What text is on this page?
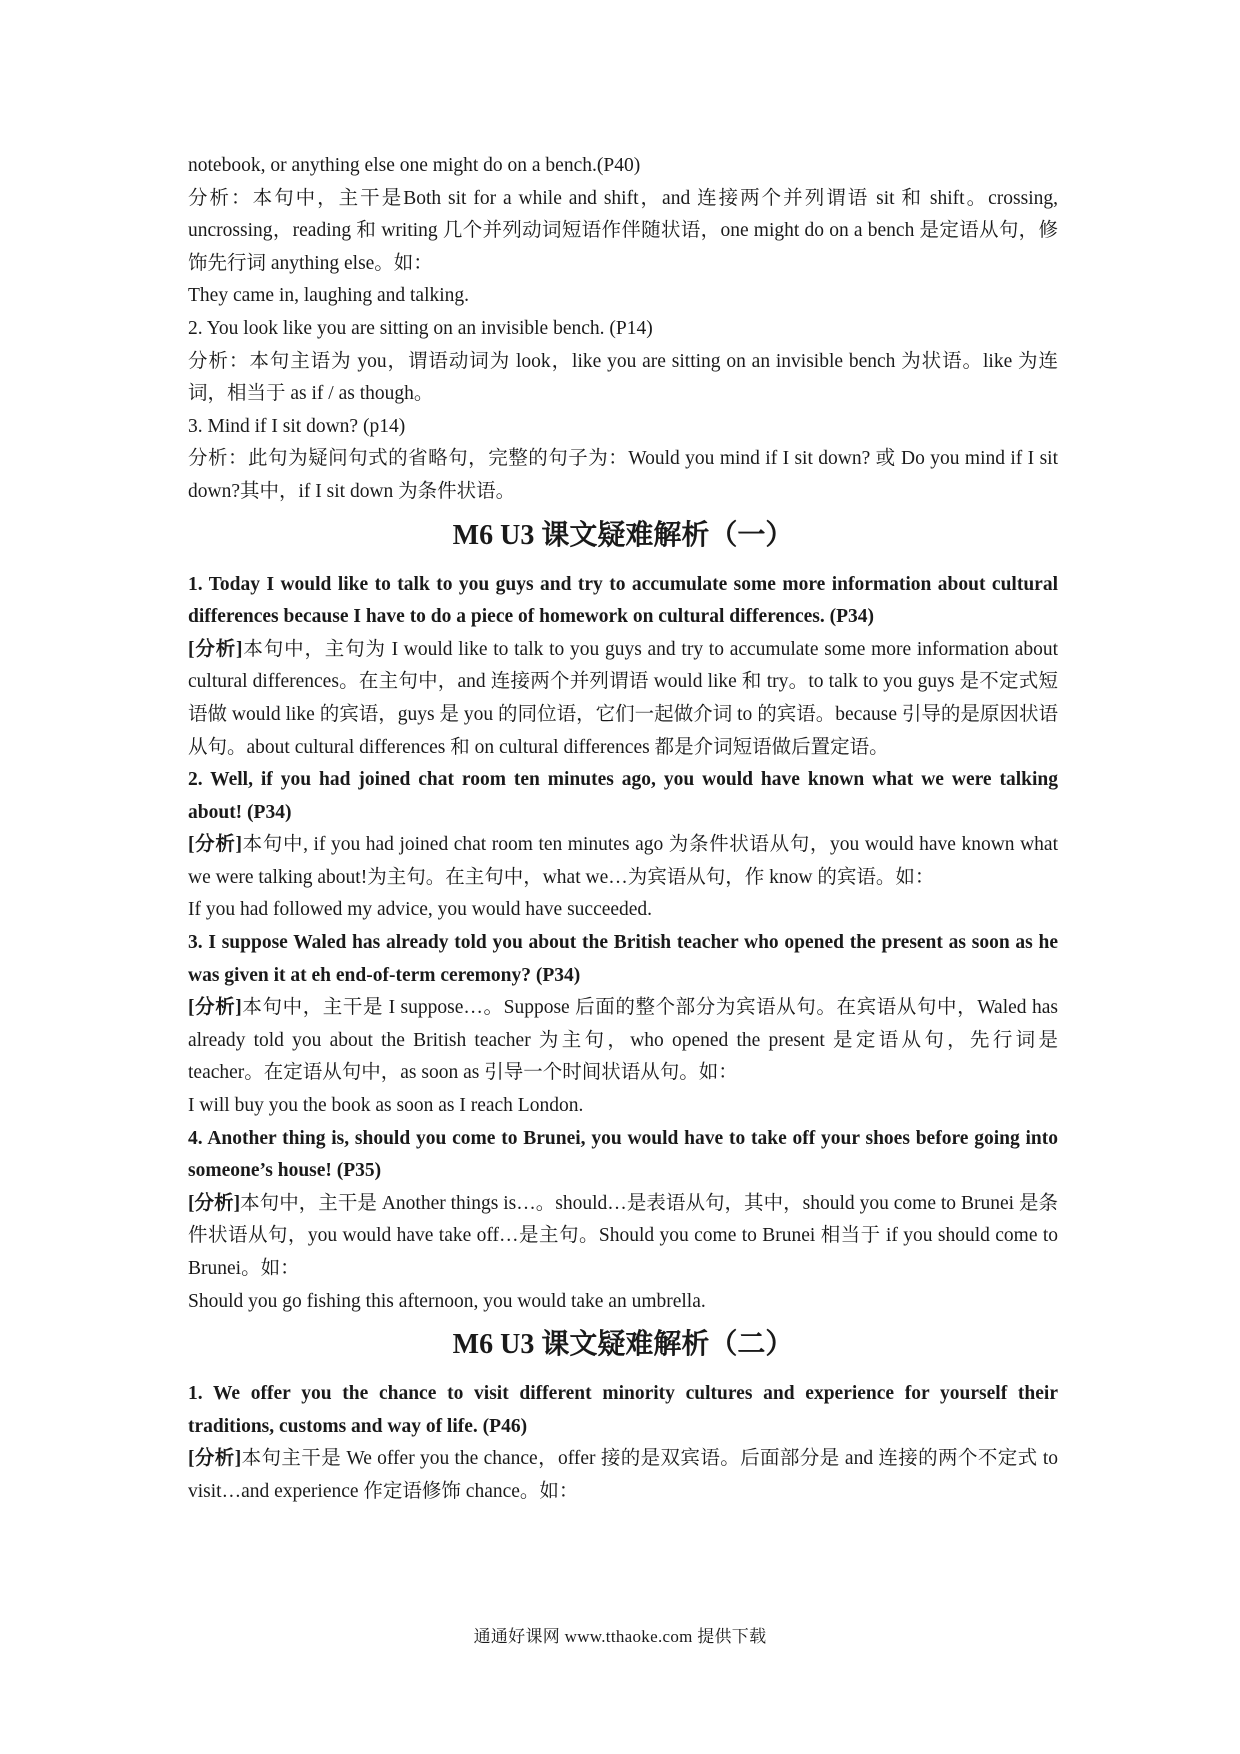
notebook, or anything else one might do on a bench.(P40)

分析：本句中，主干是Both sit for a while and shift，and 连接两个并列谓语 sit 和 shift。crossing, uncrossing，reading 和 writing 几个并列动词短语作伴随状语，one might do on a bench 是定语从句，修饰先行词 anything else。如：

They came in, laughing and talking.

2. You look like you are sitting on an invisible bench. (P14)

分析：本句主语为 you，谓语动词为 look，like you are sitting on an invisible bench 为状语。like 为连词，相当于 as if / as though。

3. Mind if I sit down? (p14)

分析：此句为疑问句式的省略句，完整的句子为：Would you mind if I sit down? 或 Do you mind if I sit down?其中，if I sit down 为条件状语。

M6 U3 课文疑难解析（一）

1. Today I would like to talk to you guys and try to accumulate some more information about cultural differences because I have to do a piece of homework on cultural differences. (P34)

[分析]本句中，主句为 I would like to talk to you guys and try to accumulate some more information about cultural differences。在主句中，and 连接两个并列谓语 would like 和 try。to talk to you guys 是不定式短语做 would like 的宾语，guys 是 you 的同位语，它们一起做介词 to 的宾语。because 引导的是原因状语从句。about cultural differences 和 on cultural differences 都是介词短语做后置定语。

2. Well, if you had joined chat room ten minutes ago, you would have known what we were talking about! (P34)

[分析]本句中, if you had joined chat room ten minutes ago 为条件状语从句，you would have known what we were talking about!为主句。在主句中，what we…为宾语从句，作 know 的宾语。如：

If you had followed my advice, you would have succeeded.

3. I suppose Waled has already told you about the British teacher who opened the present as soon as he was given it at eh end-of-term ceremony? (P34)

[分析]本句中，主干是 I suppose…。Suppose 后面的整个部分为宾语从句。在宾语从句中，Waled has already told you about the British teacher 为主句，who opened the present 是定语从句，先行词是 teacher。在定语从句中，as soon as 引导一个时间状语从句。如：

I will buy you the book as soon as I reach London.

4. Another thing is, should you come to Brunei, you would have to take off your shoes before going into someone’s house! (P35)

[分析]本句中，主干是 Another things is…。should…是表语从句，其中，should you come to Brunei 是条件状语从句，you would have take off…是主句。Should you come to Brunei 相当于 if you should come to Brunei。如：

Should you go fishing this afternoon, you would take an umbrella.

M6 U3 课文疑难解析（二）

1. We offer you the chance to visit different minority cultures and experience for yourself their traditions, customs and way of life. (P46)

[分析]本句主干是 We offer you the chance，offer 接的是双宾语。后面部分是 and 连接的两个不定式 to visit…and experience 作定语修饰 chance。如：

通通好课网 www.tthaoke.com 提供下载
